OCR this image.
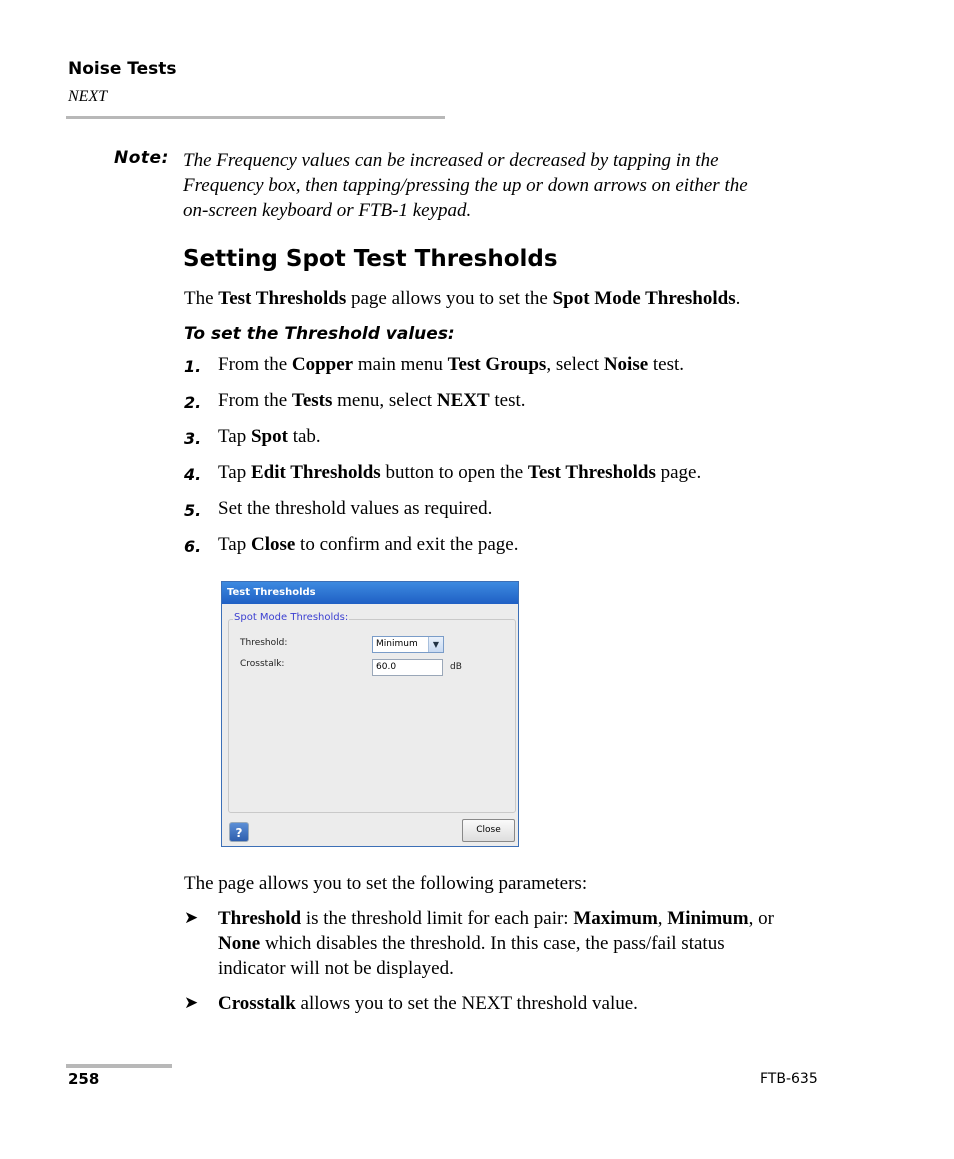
Noise Tests
NEXT
Note: The Frequency values can be increased or decreased by tapping in the
Frequency box, then tapping/pressing the up or down arrows on either the
on-screen keyboard or FTB-1 keypad.
Setting Spot Test Thresholds
The Test Thresholds page allows you to set the Spot Mode Thresholds.
To set the Threshold values:
1. From the Copper main menu Test Groups, select Noise test.
2. From the Tests menu, select NEXT test.
3. Tap Spot tab.
4. Tap Edit Thresholds button to open the Test Thresholds page.
5. Set the threshold values as required.
6. Tap Close to confirm and exit the page.
Test Thresholds
Spot Mode Thresholds:
Threshold:	Minimum	▼
Crosstalk:	60.0	dB
?	Close
The page allows you to set the following parameters:
➤ Threshold is the threshold limit for each pair: Maximum, Minimum, or
None which disables the threshold. In this case, the pass/fail status
indicator will not be displayed.
➤ Crosstalk allows you to set the NEXT threshold value.
258	FTB-635
